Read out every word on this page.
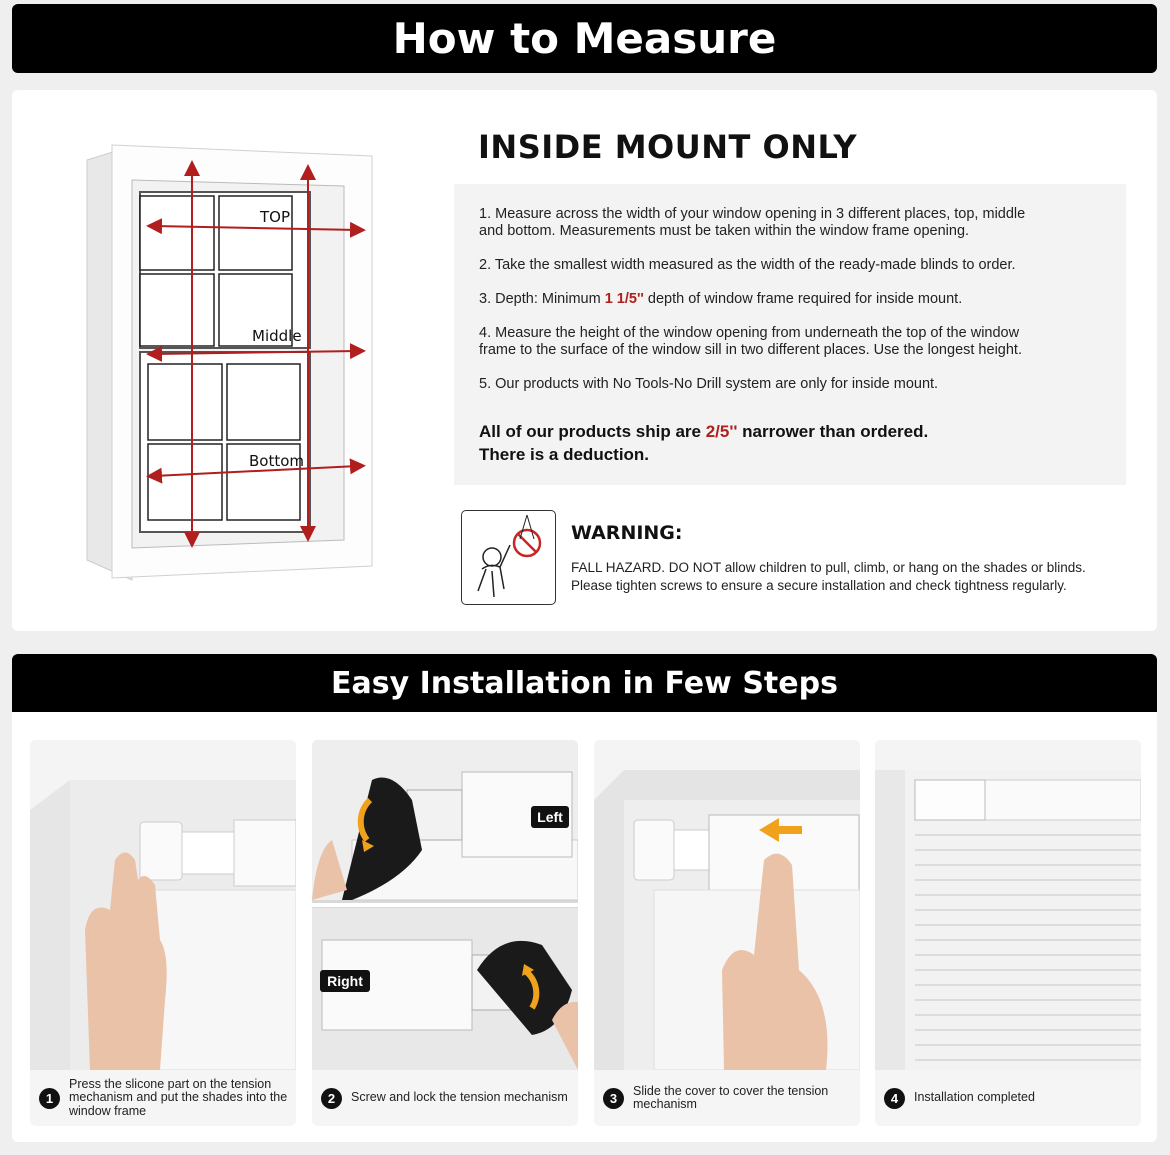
How to Measure
TOP
Middle
Bottom
INSIDE MOUNT ONLY
1. Measure across the width of your window opening in 3 different places, top, middle
and bottom. Measurements must be taken within the window frame opening.
2. Take the smallest width measured as the width of the ready-made blinds to order.
3. Depth: Minimum 1 1/5'' depth of window frame required for inside mount.
4. Measure the height of the window opening from underneath the top of the window
frame to the surface of the window sill in two different places. Use the longest height.
5. Our products with No Tools-No Drill system are only for inside mount.
All of our products ship are 2/5'' narrower than ordered.
There is a deduction.
WARNING:
FALL HAZARD. DO NOT allow children to pull, climb, or hang on the shades or blinds.
Please tighten screws to ensure a secure installation and check tightness regularly.
Easy Installation in Few Steps
1
Press the slicone part on the tension mechanism and put the shades into the window frame
Left
Right
2	Screw and lock the tension mechanism	3	Slide the cover to cover the tension mechanism	4	Installation completed
